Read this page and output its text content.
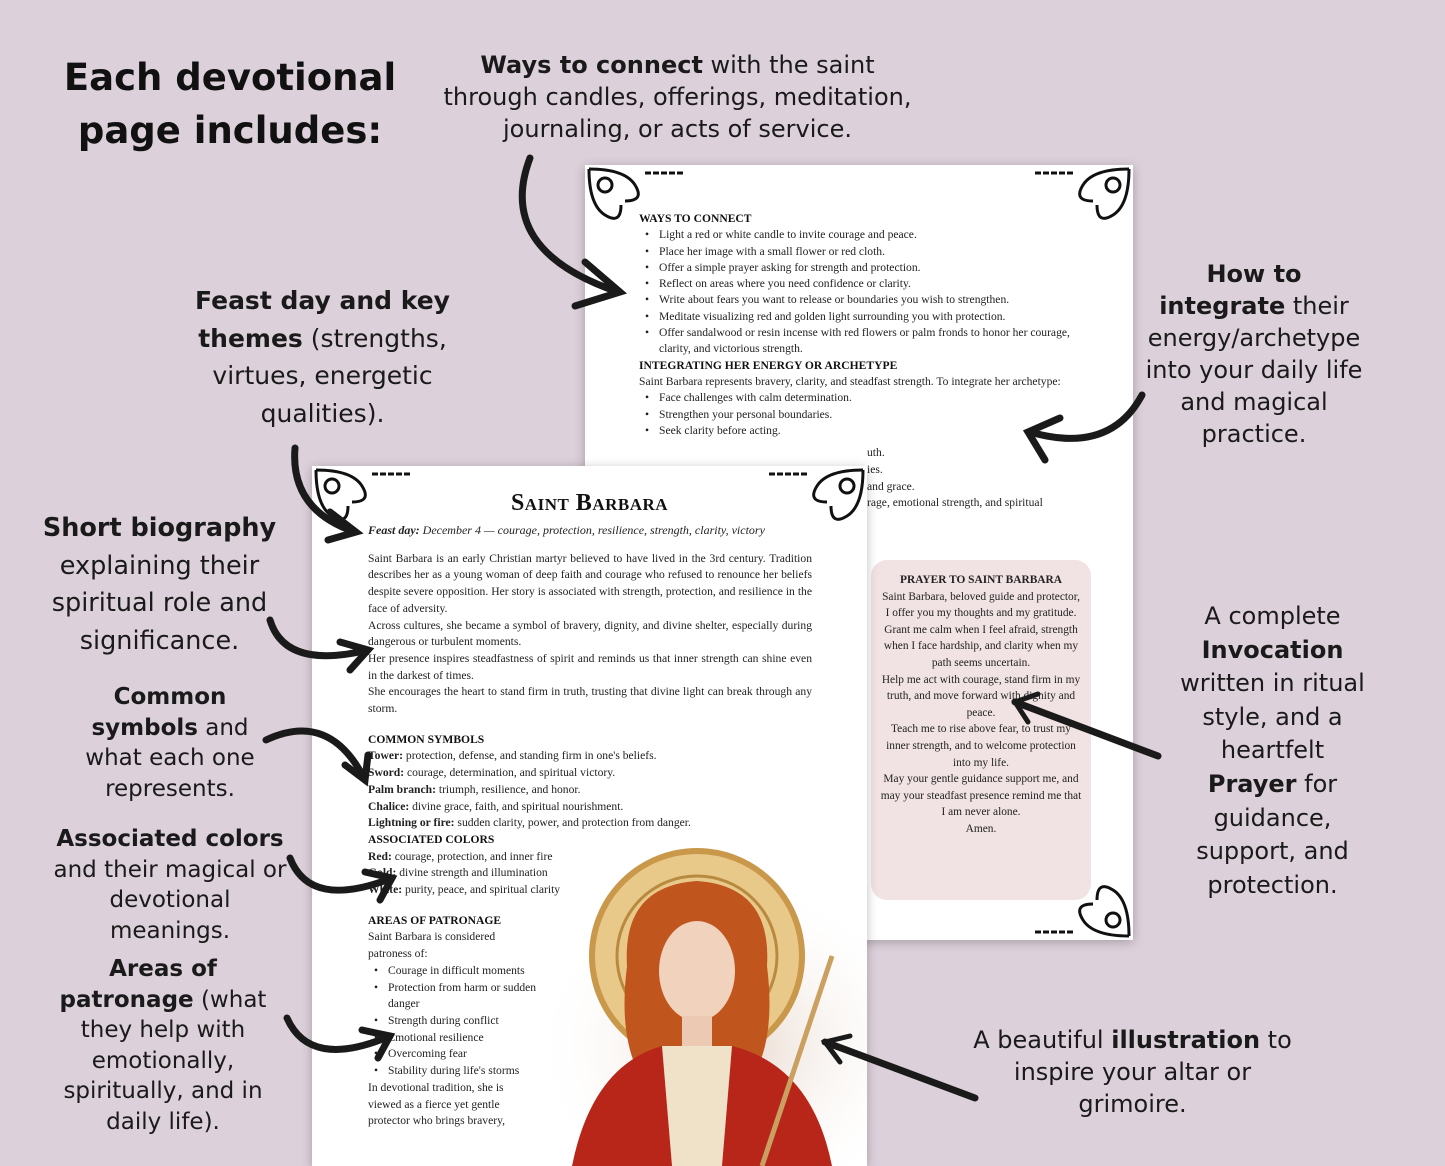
Each devotional page includes:
Ways to connect with the saint through candles, offerings, meditation, journaling, or acts of service.
Feast day and key themes (strengths, virtues, energetic qualities).
Short biography explaining their spiritual role and significance.
Common symbols and what each one represents.
Associated colors and their magical or devotional meanings.
Areas of patronage (what they help with emotionally, spiritually, and in daily life).
How to integrate their energy/archetype into your daily life and magical practice.
A complete Invocation written in ritual style, and a heartfelt Prayer for guidance, support, and protection.
A beautiful illustration to inspire your altar or grimoire.
WAYS TO CONNECT
• Light a red or white candle to invite courage and peace.
• Place her image with a small flower or red cloth.
• Offer a simple prayer asking for strength and protection.
• Reflect on areas where you need confidence or clarity.
• Write about fears you want to release or boundaries you wish to strengthen.
• Meditate visualizing red and golden light surrounding you with protection.
• Offer sandalwood or resin incense with red flowers or palm fronds to honor her courage, clarity, and victorious strength.
INTEGRATING HER ENERGY OR ARCHETYPE

Saint Barbara represents bravery, clarity, and steadfast strength. To integrate her archetype:

• Face challenges with calm determination.
• Strengthen your personal boundaries.
• Seek clarity before acting.
uth.
ies.
and grace.
rage, emotional strength, and spiritual
PRAYER TO SAINT BARBARA

Saint Barbara, beloved guide and protector, I offer you my thoughts and my gratitude.

Grant me calm when I feel afraid, strength when I face hardship, and clarity when my path seems uncertain.

Help me act with courage, stand firm in my truth, and move forward with dignity and peace.

Teach me to rise above fear, to trust my inner strength, and to welcome protection into my life.

May your gentle guidance support me, and may your steadfast presence remind me that I am never alone.

Amen.

Saint Barbara

Feast day: December 4 — courage, protection, resilience, strength, clarity, victory

Saint Barbara is an early Christian martyr believed to have lived in the 3rd century. Tradition describes her as a young woman of deep faith and courage who refused to renounce her beliefs despite severe opposition. Her story is associated with strength, protection, and resilience in the face of adversity.

Across cultures, she became a symbol of bravery, dignity, and divine shelter, especially during dangerous or turbulent moments.

Her presence inspires steadfastness of spirit and reminds us that inner strength can shine even in the darkest of times.

She encourages the heart to stand firm in truth, trusting that divine light can break through any storm.

COMMON SYMBOLS

Tower: protection, defense, and standing firm in one's beliefs.

Sword: courage, determination, and spiritual victory.

Palm branch: triumph, resilience, and honor.

Chalice: divine grace, faith, and spiritual nourishment.

Lightning or fire: sudden clarity, power, and protection from danger.

ASSOCIATED COLORS

Red: courage, protection, and inner fire

Gold: divine strength and illumination

White: purity, peace, and spiritual clarity

AREAS OF PATRONAGE

Saint Barbara is considered patroness of:

• Courage in difficult moments
• Protection from harm or sudden danger
• Strength during conflict
• Emotional resilience
• Overcoming fear
• Stability during life's storms

In devotional tradition, she is viewed as a fierce yet gentle protector who brings bravery,
